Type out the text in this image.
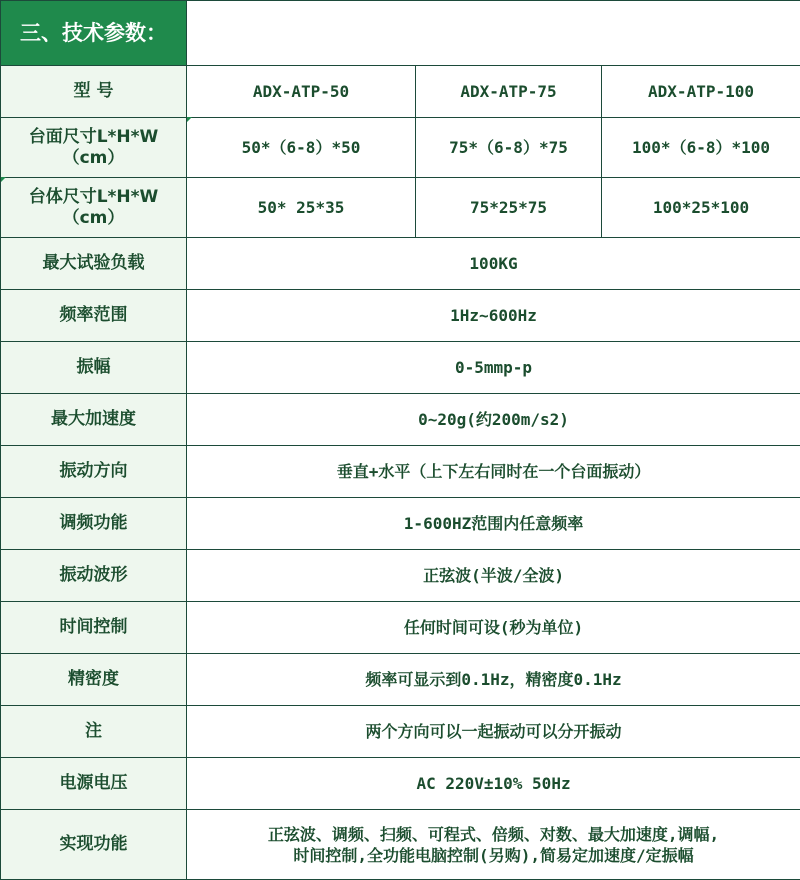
三、技术参数：			
型 号	ADX-ATP-50	ADX-ATP-75	ADX-ATP-100
台面尺寸L*H*W
（cm）	50*（6-8）*50	75*（6-8）*75	100*（6-8）*100
台体尺寸L*H*W
（cm）	50* 25*35	75*25*75	100*25*100
最大试验负载	100KG		
频率范围	1Hz~600Hz		
振幅	0-5mmp-p		
最大加速度	0~20g(约200m/s2)		
振动方向	垂直+水平（上下左右同时在一个台面振动）		
调频功能	1-600HZ范围内任意频率		
振动波形	正弦波(半波/全波)		
时间控制	任何时间可设(秒为单位)		
精密度	频率可显示到0.1Hz，精密度0.1Hz		
注	两个方向可以一起振动可以分开振动		
电源电压	AC 220V±10% 50Hz		
实现功能	正弦波、调频、扫频、可程式、倍频、对数、最大加速度,调幅,
时间控制,全功能电脑控制(另购),简易定加速度/定振幅		
